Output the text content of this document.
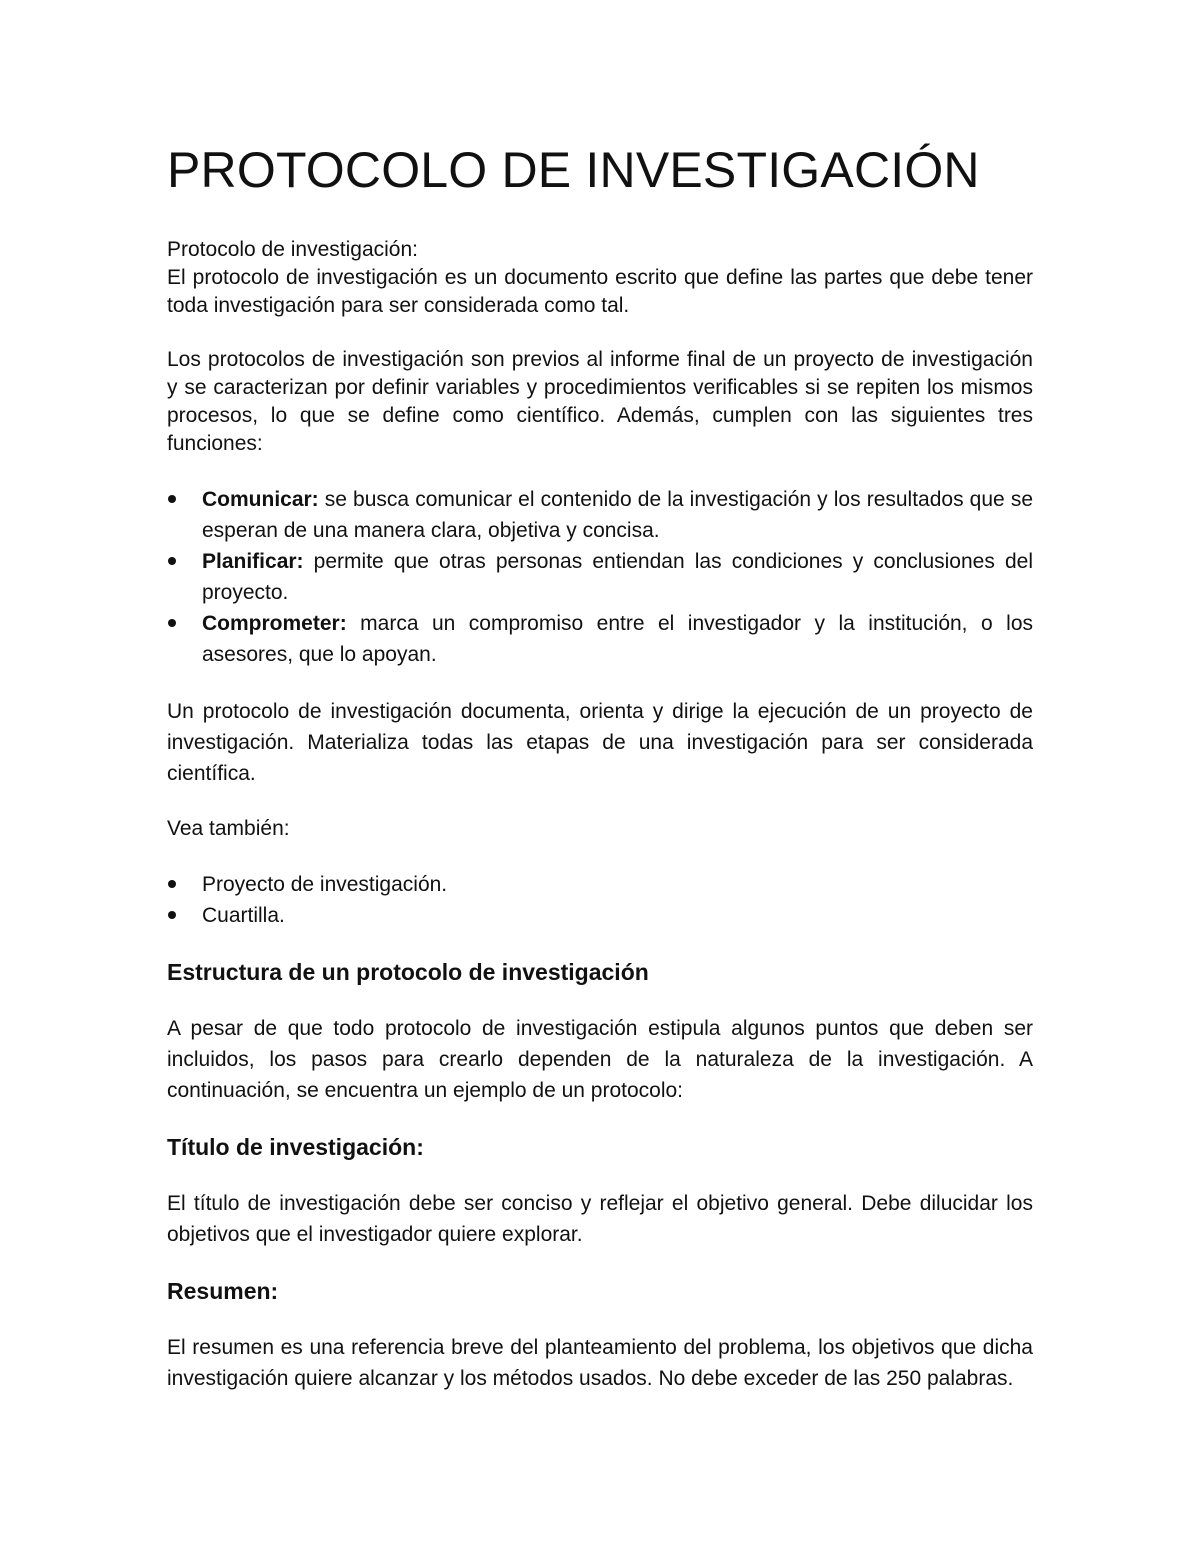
PROTOCOLO DE INVESTIGACIÓN

Protocolo de investigación:

El protocolo de investigación es un documento escrito que define las partes que debe tener toda investigación para ser considerada como tal.

Los protocolos de investigación son previos al informe final de un proyecto de investigación y se caracterizan por definir variables y procedimientos verificables si se repiten los mismos procesos, lo que se define como científico. Además, cumplen con las siguientes tres funciones:

Comunicar: se busca comunicar el contenido de la investigación y los resultados que se esperan de una manera clara, objetiva y concisa.
Planificar: permite que otras personas entiendan las condiciones y conclusiones del proyecto.
Comprometer: marca un compromiso entre el investigador y la institución, o los asesores, que lo apoyan.

Un protocolo de investigación documenta, orienta y dirige la ejecución de un proyecto de investigación. Materializa todas las etapas de una investigación para ser considerada científica.

Vea también:

Proyecto de investigación.
Cuartilla.
Estructura de un protocolo de investigación

A pesar de que todo protocolo de investigación estipula algunos puntos que deben ser incluidos, los pasos para crearlo dependen de la naturaleza de la investigación. A continuación, se encuentra un ejemplo de un protocolo:

Título de investigación:

El título de investigación debe ser conciso y reflejar el objetivo general. Debe dilucidar los objetivos que el investigador quiere explorar.

Resumen:

El resumen es una referencia breve del planteamiento del problema, los objetivos que dicha investigación quiere alcanzar y los métodos usados. No debe exceder de las 250 palabras.
